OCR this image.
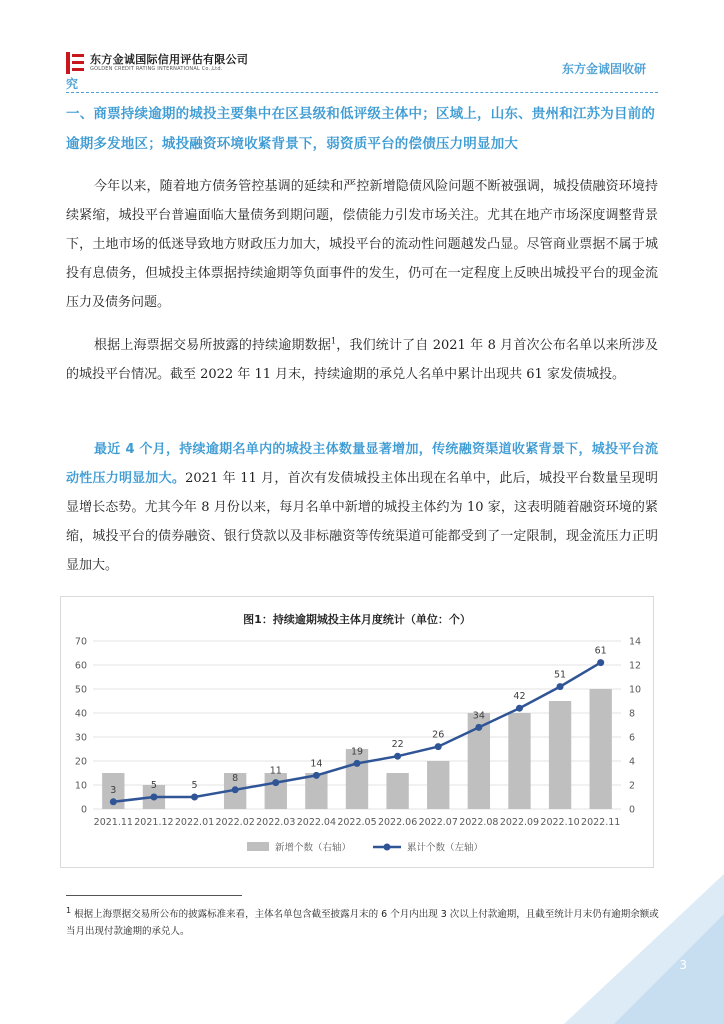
东方金诚国际信用评估有限公司
GOLDEN CREDIT RATING INTERNATIONAL Co.,Ltd.	东方金诚固收研
究
一、商票持续逾期的城投主要集中在区县级和低评级主体中；区域上，山东、贵州和江苏为目前的逾期多发地区；城投融资环境收紧背景下，弱资质平台的偿债压力明显加大
今年以来，随着地方债务管控基调的延续和严控新增隐债风险问题不断被强调，城投债融资环境持续紧缩，城投平台普遍面临大量债务到期问题，偿债能力引发市场关注。尤其在地产市场深度调整背景下，土地市场的低迷导致地方财政压力加大，城投平台的流动性问题越发凸显。尽管商业票据不属于城投有息债务，但城投主体票据持续逾期等负面事件的发生，仍可在一定程度上反映出城投平台的现金流压力及债务问题。
根据上海票据交易所披露的持续逾期数据$^1$，我们统计了自 2021 年 8 月首次公布名单以来所涉及的城投平台情况。截至 2022 年 11 月末，持续逾期的承兑人名单中累计出现共 61 家发债城投。
最近 4 个月，持续逾期名单内的城投主体数量显著增加，传统融资渠道收紧背景下，城投平台流动性压力明显加大。2021 年 11 月，首次有发债城投主体出现在名单中，此后，城投平台数量呈现明显增长态势。尤其今年 8 月份以来，每月名单中新增的城投主体约为 10 家，这表明随着融资环境的紧缩，城投平台的债券融资、银行贷款以及非标融资等传统渠道可能都受到了一定限制，现金流压力正明显加大。
图1：持续逾期城投主体月度统计（单位：个）
0
10
20
30
40
50
60
70
0
2
4
6
8
10
12
14
2021.11 2021.12 2022.01 2022.02 2022.03 2022.04 2022.05 2022.06 2022.07 2022.08 2022.09 2022.10 2022.11
3	5	5
8
11
14
19
22
26
34
42
51
61
新增个数（右轴）	累计个数（左轴）
$^1$ 根据上海票据交易所公布的披露标准来看，主体名单包含截至披露月末的 6 个月内出现 3 次以上付款逾期，且截至统计月末仍有逾期余额或当月出现付款逾期的承兑人。
3
